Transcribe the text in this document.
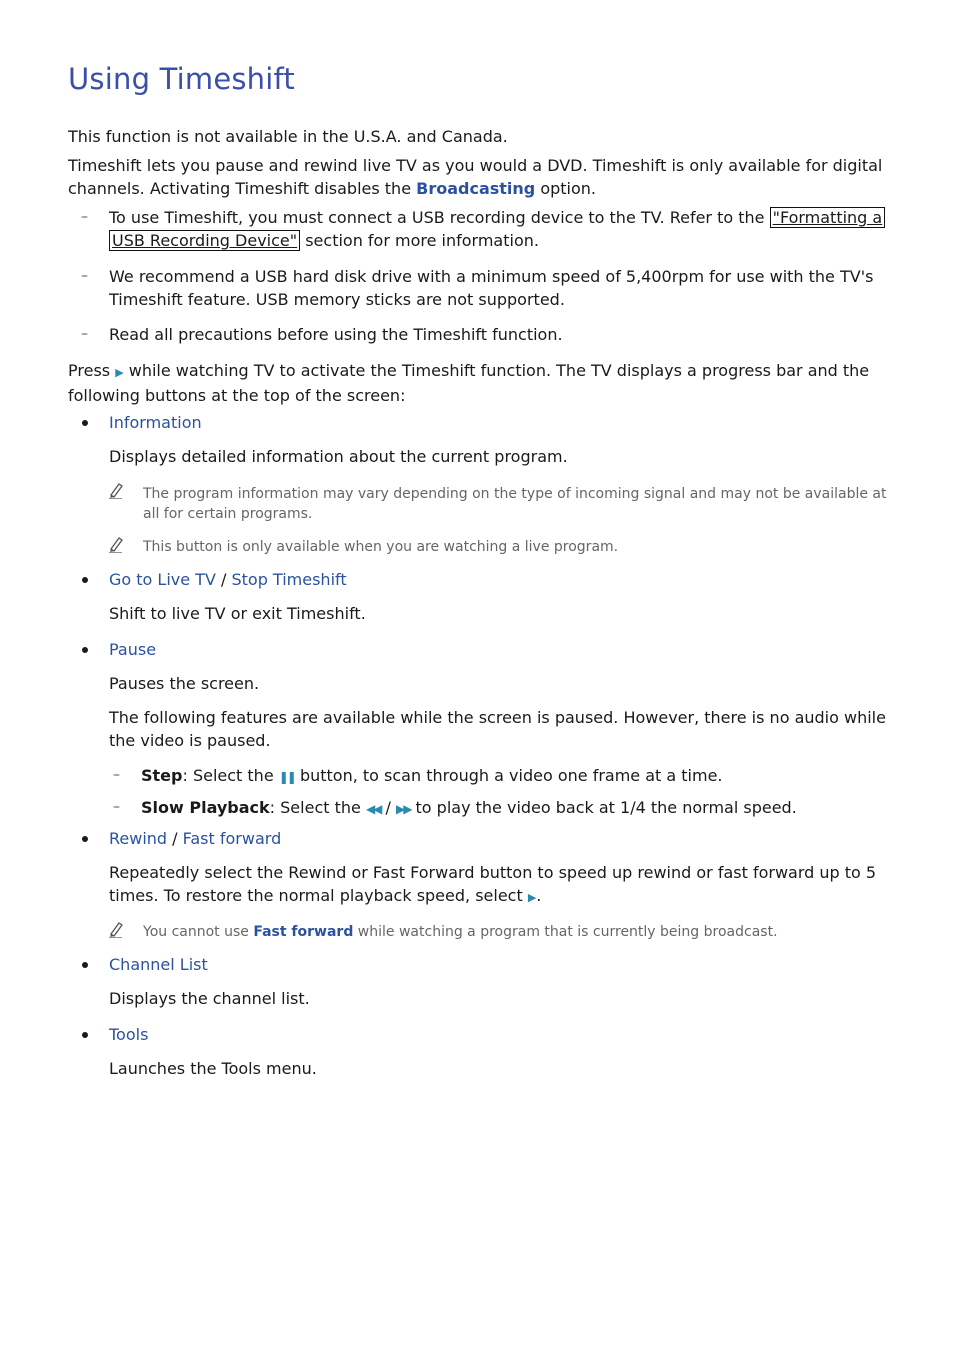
Using Timeshift

This function is not available in the U.S.A. and Canada.

Timeshift lets you pause and rewind live TV as you would a DVD. Timeshift is only available for digital channels. Activating Timeshift disables the Broadcasting option.

– To use Timeshift, you must connect a USB recording device to the TV. Refer to the "Formatting a
USB Recording Device" section for more information.

– We recommend a USB hard disk drive with a minimum speed of 5,400rpm for use with the TV's Timeshift feature. USB memory sticks are not supported.

– Read all precautions before using the Timeshift function.

Press ▶ while watching TV to activate the Timeshift function. The TV displays a progress bar and the following buttons at the top of the screen:

Information

Displays detailed information about the current program.

The program information may vary depending on the type of incoming signal and may not be available at all for certain programs.

This button is only available when you are watching a live program.

Go to Live TV / Stop Timeshift

Shift to live TV or exit Timeshift.

Pause

Pauses the screen.

The following features are available while the screen is paused. However, there is no audio while the video is paused.

– Step: Select the ❚❚ button, to scan through a video one frame at a time.

– Slow Playback: Select the ◀◀ / ▶▶ to play the video back at 1/4 the normal speed.

Rewind / Fast forward

Repeatedly select the Rewind or Fast Forward button to speed up rewind or fast forward up to 5 times. To restore the normal playback speed, select ▶.

You cannot use Fast forward while watching a program that is currently being broadcast.

Channel List

Displays the channel list.

Tools

Launches the Tools menu.
